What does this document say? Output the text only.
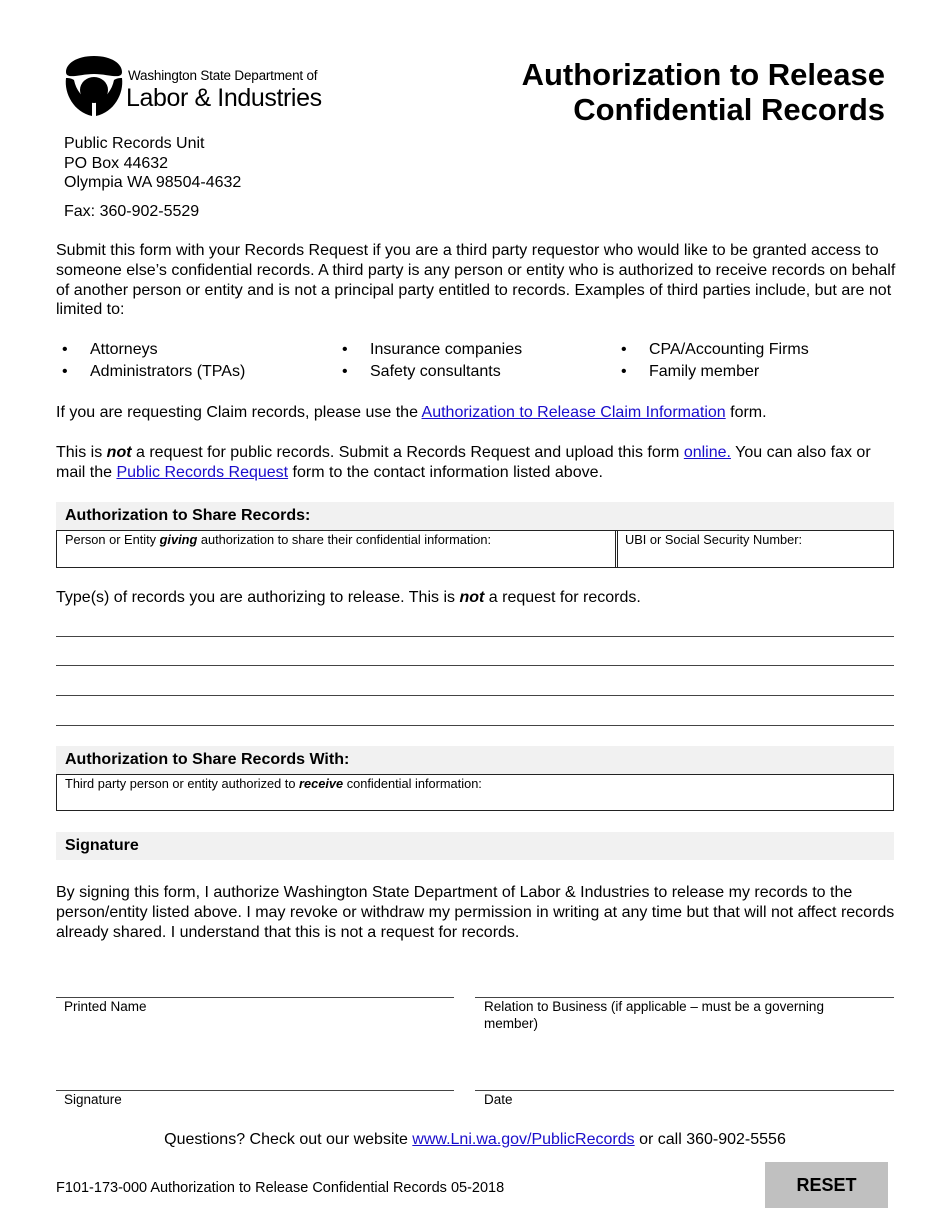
Washington State Department of
Labor & Industries
Authorization to Release
Confidential Records
Public Records Unit
PO Box 44632
Olympia WA 98504-4632
Fax: 360-902-5529
Submit this form with your Records Request if you are a third party requestor who would like to be granted access to someone else’s confidential records. A third party is any person or entity who is authorized to receive records on behalf of another person or entity and is not a principal party entitled to records. Examples of third parties include, but are not limited to:
Attorneys
Administrators (TPAs)
Insurance companies
Safety consultants
CPA/Accounting Firms
Family member
If you are requesting Claim records, please use the Authorization to Release Claim Information form.
This is not a request for public records. Submit a Records Request and upload this form online. You can also fax or mail the Public Records Request form to the contact information listed above.
Authorization to Share Records:
Person or Entity giving authorization to share their confidential information:	UBI or Social Security Number:
Type(s) of records you are authorizing to release. This is not a request for records.
Authorization to Share Records With:
Third party person or entity authorized to receive confidential information:
Signature
By signing this form, I authorize Washington State Department of Labor & Industries to release my records to the person/entity listed above. I may revoke or withdraw my permission in writing at any time but that will not affect records already shared. I understand that this is not a request for records.
Printed Name	Relation to Business (if applicable – must be a governing member)
Signature	Date
Questions? Check out our website www.Lni.wa.gov/PublicRecords or call 360-902-5556
F101-173-000 Authorization to Release Confidential Records 05-2018	RESET
